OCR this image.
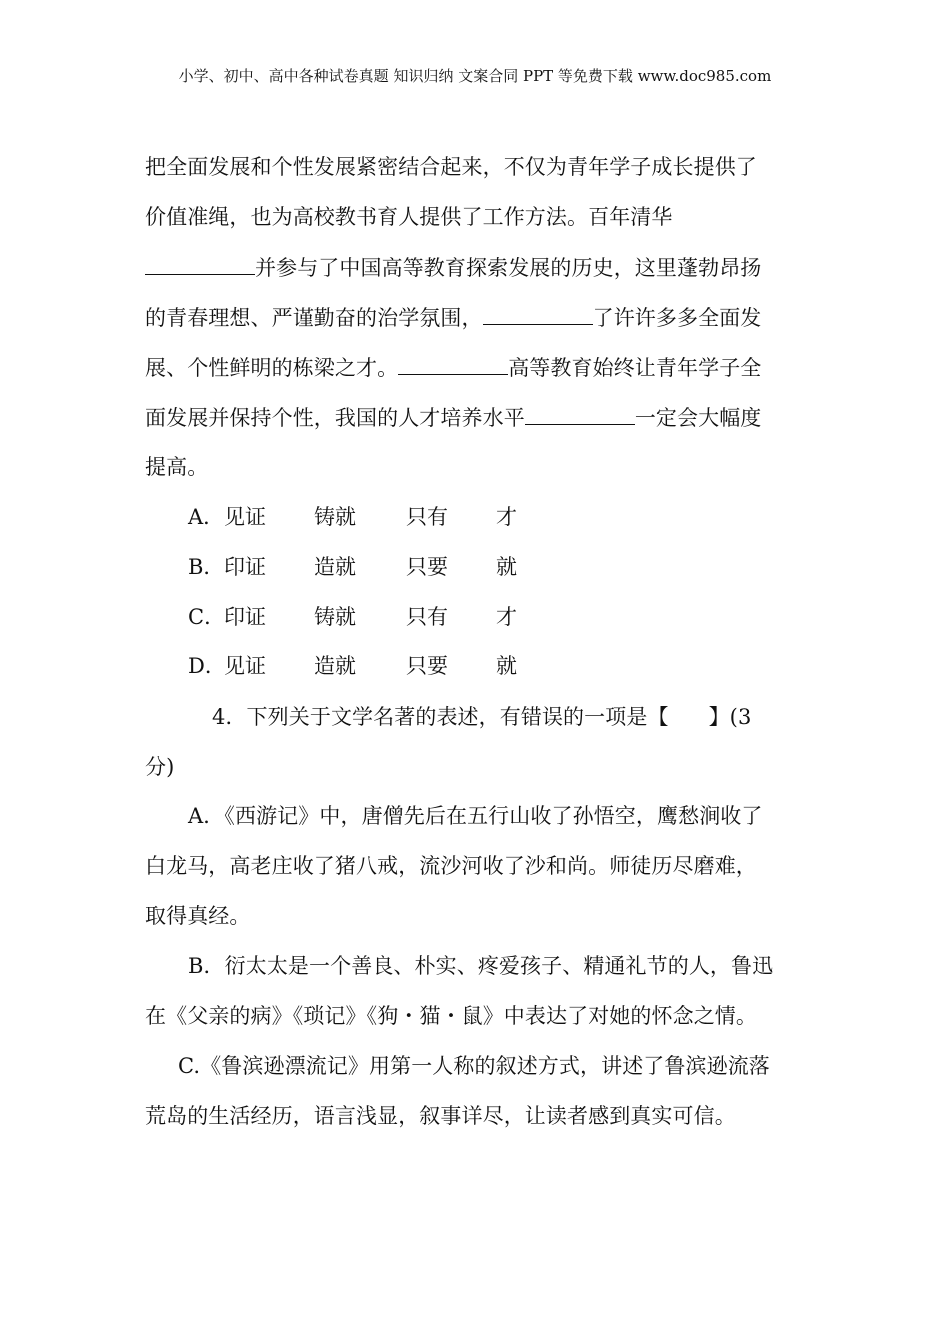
小学、初中、高中各种试卷真题 知识归纳 文案合同 PPT 等免费下载 www.doc985.com
把全面发展和个性发展紧密结合起来，不仅为青年学子成长提供了
价值准绳，也为高校教书育人提供了工作方法。百年清华
并参与了中国高等教育探索发展的历史，这里蓬勃昂扬
的青春理想、严谨勤奋的治学氛围，	了许许多多全面发
展、个性鲜明的栋梁之才。	高等教育始终让青年学子全
面发展并保持个性，我国的人才培养水平	一定会大幅度
提高。
A．见证 铸就 只有 才
B．印证 造就 只要 就
C．印证 铸就 只有 才
D．见证 造就 只要 就
4．下列关于文学名著的表述，有错误的一项是【 】(3
分)
A．《西游记》中，唐僧先后在五行山收了孙悟空，鹰愁涧收了
白龙马，高老庄收了猪八戒，流沙河收了沙和尚。师徒历尽磨难，
取得真经。
B．衍太太是一个善良、朴实、疼爱孩子、精通礼节的人，鲁迅
在《父亲的病》《琐记》《狗・猫・鼠》中表达了对她的怀念之情。
C.《鲁滨逊漂流记》用第一人称的叙述方式，讲述了鲁滨逊流落
荒岛的生活经历，语言浅显，叙事详尽，让读者感到真实可信。
